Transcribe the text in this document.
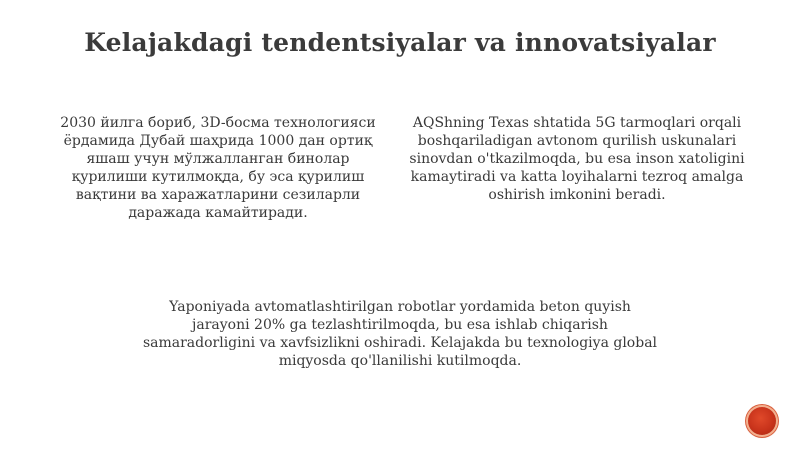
Kelajakdagi tendentsiyalar va innovatsiyalar

2030 йилга бориб, 3D-босма технологияси ёрдамида Дубай шаҳрида 1000 дан ортиқ яшаш учун мўлжалланган бинолар қурилиши кутилмоқда, бу эса қурилиш вақтини ва харажатларини сезиларли даражада камайтиради.

AQShning Texas shtatida 5G tarmoqlari orqali boshqariladigan avtonom qurilish uskunalari sinovdan o'tkazilmoqda, bu esa inson xatoligini kamaytiradi va katta loyihalarni tezroq amalga oshirish imkonini beradi.

Yaponiyada avtomatlashtirilgan robotlar yordamida beton quyish jarayoni 20% ga tezlashtirilmoqda, bu esa ishlab chiqarish samaradorligini va xavfsizlikni oshiradi. Kelajakda bu texnologiya global miqyosda qo'llanilishi kutilmoqda.
